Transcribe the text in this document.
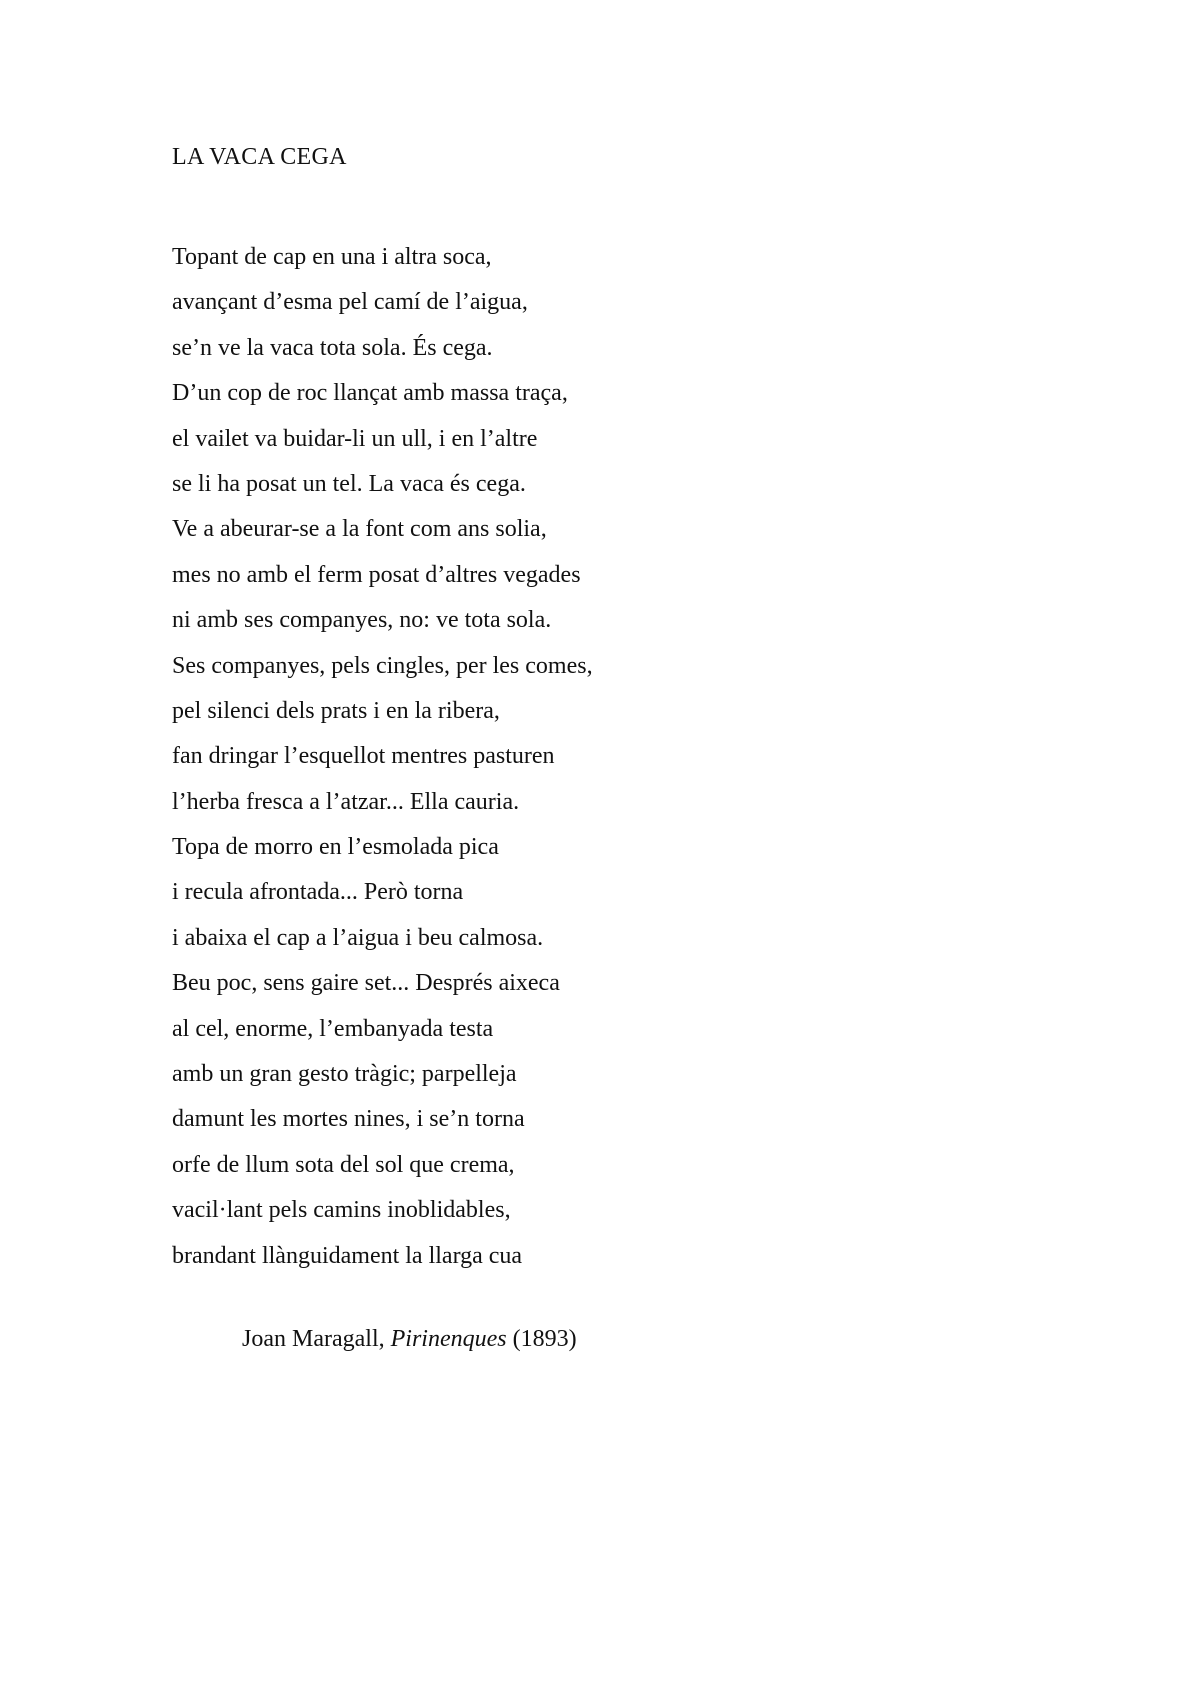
LA VACA CEGA
Topant de cap en una i altra soca,
avançant d’esma pel camí de l’aigua,
se’n ve la vaca tota sola. És cega.
D’un cop de roc llançat amb massa traça,
el vailet va buidar-li un ull, i en l’altre
se li ha posat un tel. La vaca és cega.
Ve a abeurar-se a la font com ans solia,
mes no amb el ferm posat d’altres vegades
ni amb ses companyes, no: ve tota sola.
Ses companyes, pels cingles, per les comes,
pel silenci dels prats i en la ribera,
fan dringar l’esquellot mentres pasturen
l’herba fresca a l’atzar... Ella cauria.
Topa de morro en l’esmolada pica
i recula afrontada... Però torna
i abaixa el cap a l’aigua i beu calmosa.
Beu poc, sens gaire set... Després aixeca
al cel, enorme, l’embanyada testa
amb un gran gesto tràgic; parpelleja
damunt les mortes nines, i se’n torna
orfe de llum sota del sol que crema,
vacil·lant pels camins inoblidables,
brandant llànguidament la llarga cua
Joan Maragall, Pirinenques (1893)
